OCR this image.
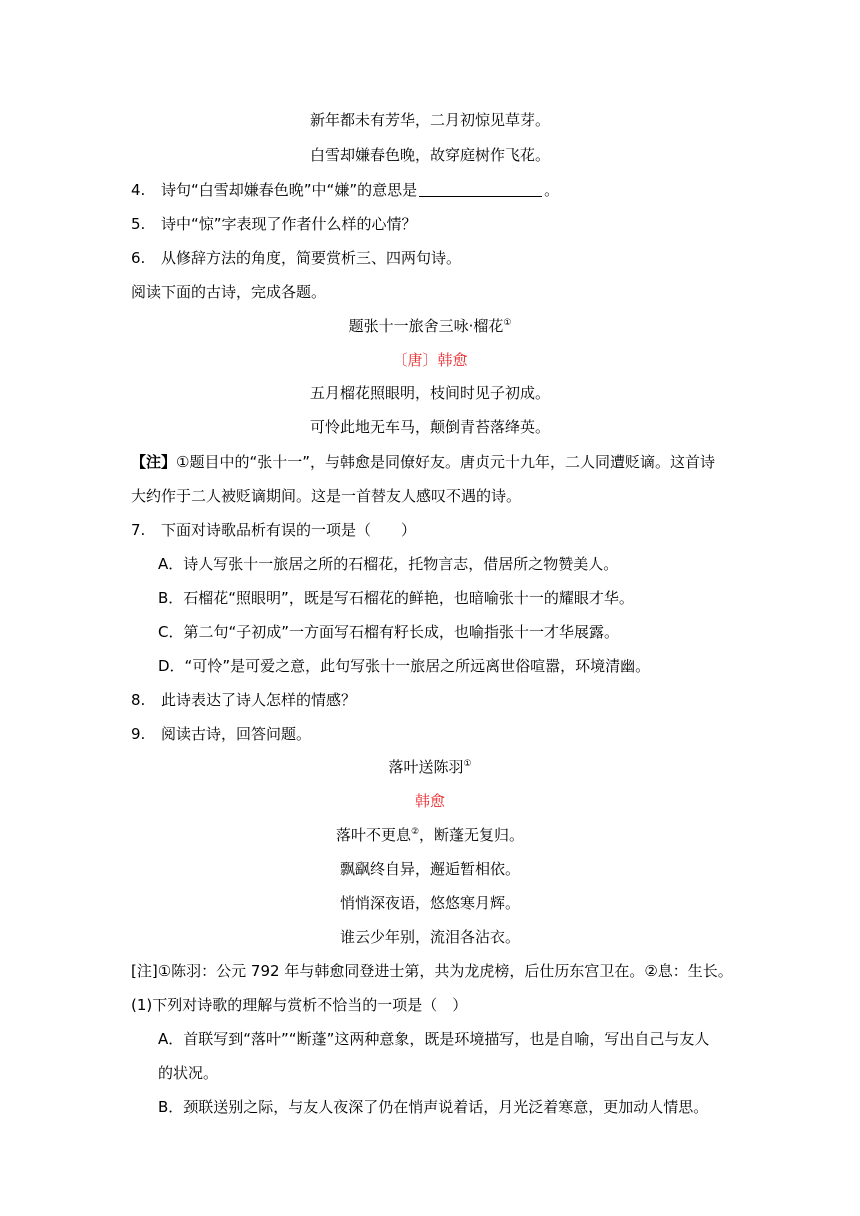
新年都未有芳华，二月初惊见草芽。
白雪却嫌春色晚，故穿庭树作飞花。
4. 诗句“白雪却嫌春色晚”中“嫌”的意思是	。
5. 诗中“惊”字表现了作者什么样的心情？
6. 从修辞方法的角度，简要赏析三、四两句诗。
阅读下面的古诗，完成各题。
题张十一旅舍三咏·榴花①
〔唐〕韩愈
五月榴花照眼明，枝间时见子初成。
可怜此地无车马，颠倒青苔落绛英。
【注】①题目中的“张十一”，与韩愈是同僚好友。唐贞元十九年，二人同遭贬谪。这首诗
大约作于二人被贬谪期间。这是一首替友人感叹不遇的诗。
7. 下面对诗歌品析有误的一项是（　　）
A．诗人写张十一旅居之所的石榴花，托物言志，借居所之物赞美人。
B．石榴花“照眼明”，既是写石榴花的鲜艳，也暗喻张十一的耀眼才华。
C．第二句“子初成”一方面写石榴有籽长成，也喻指张十一才华展露。
D．“可怜”是可爱之意，此句写张十一旅居之所远离世俗喧嚣，环境清幽。
8. 此诗表达了诗人怎样的情感？
9. 阅读古诗，回答问题。
落叶送陈羽①
韩愈
落叶不更息②，断蓬无复归。
飘飖终自异，邂逅暂相依。
悄悄深夜语，悠悠寒月辉。
谁云少年别，流泪各沾衣。
[注]①陈羽：公元 792 年与韩愈同登进士第，共为龙虎榜，后仕历东宫卫在。②息：生长。
(1)下列对诗歌的理解与赏析不恰当的一项是（　）
A．首联写到“落叶”“断蓬”这两种意象，既是环境描写，也是自喻，写出自己与友人
的状况。
B．颈联送别之际，与友人夜深了仍在悄声说着话，月光泛着寒意，更加动人情思。
